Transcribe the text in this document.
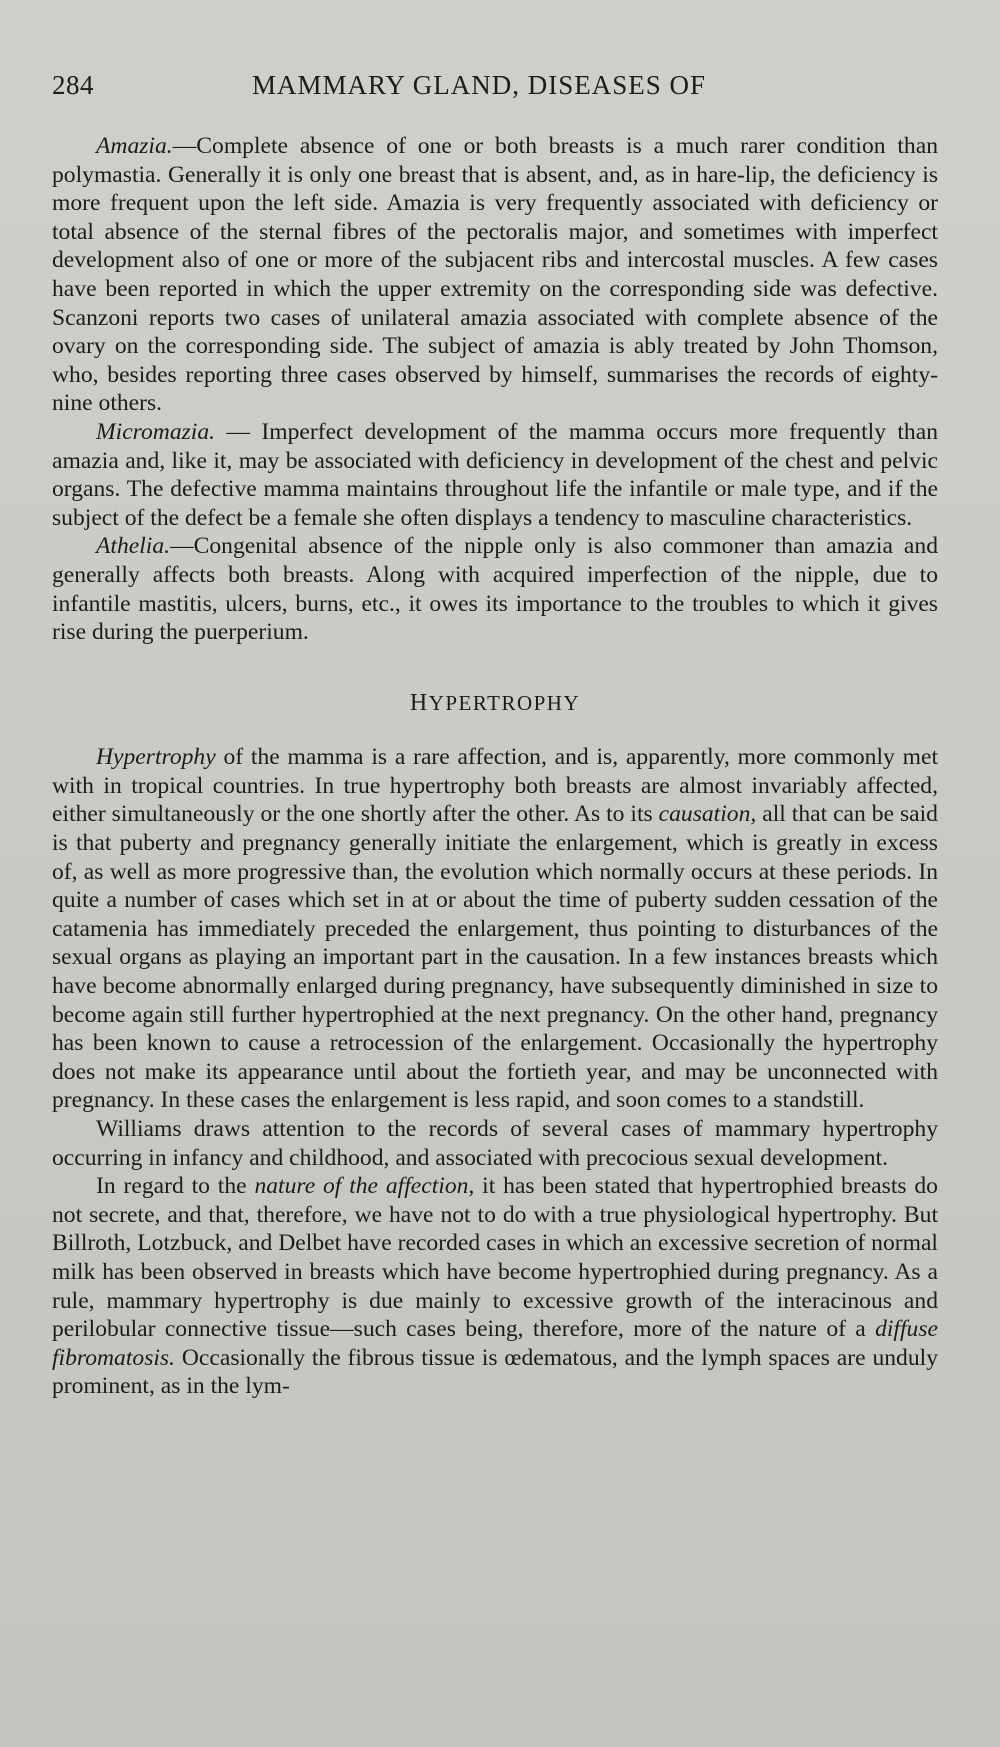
284	MAMMARY GLAND, DISEASES OF

Amazia.—Complete absence of one or both breasts is a much rarer condition than polymastia. Generally it is only one breast that is absent, and, as in hare-lip, the deficiency is more frequent upon the left side. Amazia is very frequently associated with deficiency or total absence of the sternal fibres of the pectoralis major, and sometimes with imperfect development also of one or more of the subjacent ribs and intercostal muscles. A few cases have been reported in which the upper extremity on the corresponding side was defective. Scanzoni reports two cases of unilateral amazia associated with complete absence of the ovary on the corresponding side. The subject of amazia is ably treated by John Thomson, who, besides reporting three cases observed by himself, summarises the records of eighty-nine others.

Micromazia. — Imperfect development of the mamma occurs more frequently than amazia and, like it, may be associated with deficiency in development of the chest and pelvic organs. The defective mamma maintains throughout life the infantile or male type, and if the subject of the defect be a female she often displays a tendency to masculine characteristics.

Athelia.—Congenital absence of the nipple only is also commoner than amazia and generally affects both breasts. Along with acquired imperfection of the nipple, due to infantile mastitis, ulcers, burns, etc., it owes its importance to the troubles to which it gives rise during the puerperium.

HYPERTROPHY

Hypertrophy of the mamma is a rare affection, and is, apparently, more commonly met with in tropical countries. In true hypertrophy both breasts are almost invariably affected, either simultaneously or the one shortly after the other. As to its causation, all that can be said is that puberty and pregnancy generally initiate the enlargement, which is greatly in excess of, as well as more progressive than, the evolution which normally occurs at these periods. In quite a number of cases which set in at or about the time of puberty sudden cessation of the catamenia has immediately preceded the enlargement, thus pointing to disturbances of the sexual organs as playing an important part in the causation. In a few instances breasts which have become abnormally enlarged during pregnancy, have subsequently diminished in size to become again still further hypertrophied at the next pregnancy. On the other hand, pregnancy has been known to cause a retrocession of the enlargement. Occasionally the hypertrophy does not make its appearance until about the fortieth year, and may be unconnected with pregnancy. In these cases the enlargement is less rapid, and soon comes to a standstill.

Williams draws attention to the records of several cases of mammary hypertrophy occurring in infancy and childhood, and associated with precocious sexual development.

In regard to the nature of the affection, it has been stated that hypertrophied breasts do not secrete, and that, therefore, we have not to do with a true physiological hypertrophy. But Billroth, Lotzbuck, and Delbet have recorded cases in which an excessive secretion of normal milk has been observed in breasts which have become hypertrophied during pregnancy. As a rule, mammary hypertrophy is due mainly to excessive growth of the interacinous and perilobular connective tissue—such cases being, therefore, more of the nature of a diffuse fibromatosis. Occasionally the fibrous tissue is œdematous, and the lymph spaces are unduly prominent, as in the lym-
